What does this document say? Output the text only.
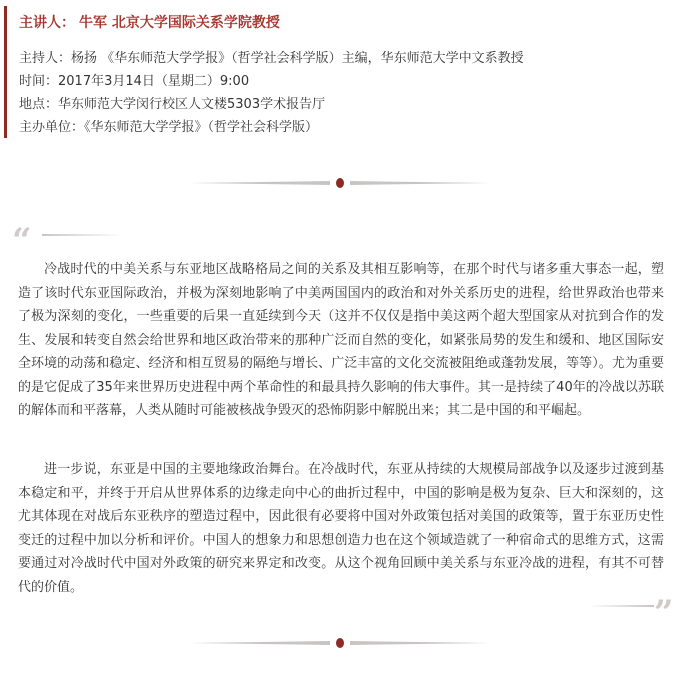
主讲人： 牛军 北京大学国际关系学院教授
主持人：杨扬 《华东师范大学学报》（哲学社会科学版）主编，华东师范大学中文系教授
时间：2017年3月14日（星期二）9:00
地点：华东师范大学闵行校区人文楼5303学术报告厅
主办单位：《华东师范大学学报》（哲学社会科学版）
“

冷战时代的中美关系与东亚地区战略格局之间的关系及其相互影响等，在那个时代与诸多重大事态一起，塑造了该时代东亚国际政治，并极为深刻地影响了中美两国国内的政治和对外关系历史的进程，给世界政治也带来了极为深刻的变化，一些重要的后果一直延续到今天（这并不仅仅是指中美这两个超大型国家从对抗到合作的发生、发展和转变自然会给世界和地区政治带来的那种广泛而自然的变化，如紧张局势的发生和缓和、地区国际安全环境的动荡和稳定、经济和相互贸易的隔绝与增长、广泛丰富的文化交流被阻绝或蓬勃发展，等等）。尤为重要的是它促成了35年来世界历史进程中两个革命性的和最具持久影响的伟大事件。其一是持续了40年的冷战以苏联的解体而和平落幕，人类从随时可能被核战争毁灭的恐怖阴影中解脱出来；其二是中国的和平崛起。

进一步说，东亚是中国的主要地缘政治舞台。在冷战时代，东亚从持续的大规模局部战争以及逐步过渡到基本稳定和平，并终于开启从世界体系的边缘走向中心的曲折过程中，中国的影响是极为复杂、巨大和深刻的，这尤其体现在对战后东亚秩序的塑造过程中，因此很有必要将中国对外政策包括对美国的政策等，置于东亚历史性变迁的过程中加以分析和评价。中国人的想象力和思想创造力也在这个领域造就了一种宿命式的思维方式，这需要通过对冷战时代中国对外政策的研究来界定和改变。从这个视角回顾中美关系与东亚冷战的进程，有其不可替代的价值。

”
